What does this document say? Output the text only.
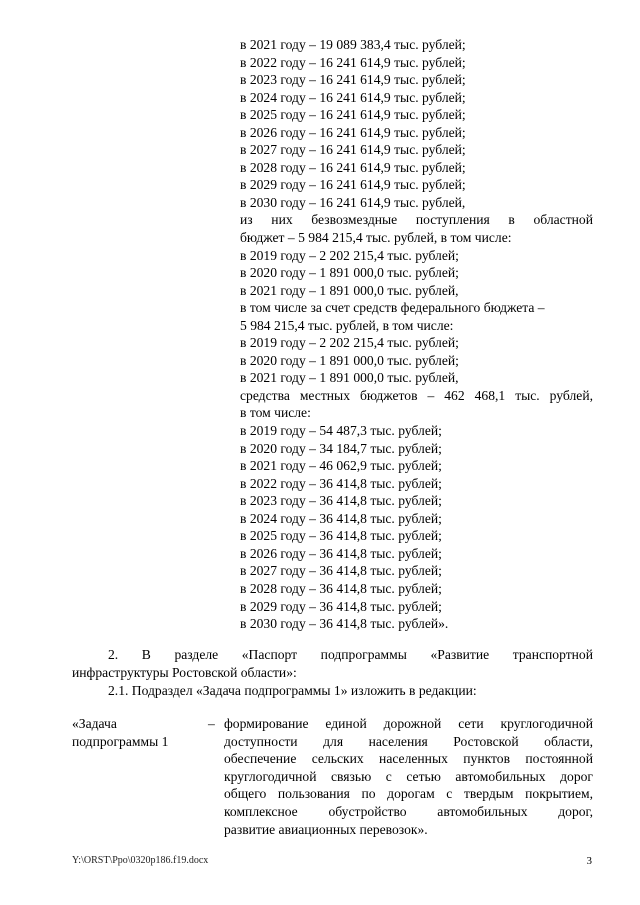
в 2021 году – 19 089 383,4 тыс. рублей;
в 2022 году – 16 241 614,9 тыс. рублей;
в 2023 году – 16 241 614,9 тыс. рублей;
в 2024 году – 16 241 614,9 тыс. рублей;
в 2025 году – 16 241 614,9 тыс. рублей;
в 2026 году – 16 241 614,9 тыс. рублей;
в 2027 году – 16 241 614,9 тыс. рублей;
в 2028 году – 16 241 614,9 тыс. рублей;
в 2029 году – 16 241 614,9 тыс. рублей;
в 2030 году – 16 241 614,9 тыс. рублей,
из них безвозмездные поступления в областной
бюджет – 5 984 215,4 тыс. рублей, в том числе:
в 2019 году – 2 202 215,4 тыс. рублей;
в 2020 году – 1 891 000,0 тыс. рублей;
в 2021 году – 1 891 000,0 тыс. рублей,
в том числе за счет средств федерального бюджета –
5 984 215,4 тыс. рублей, в том числе:
в 2019 году – 2 202 215,4 тыс. рублей;
в 2020 году – 1 891 000,0 тыс. рублей;
в 2021 году – 1 891 000,0 тыс. рублей,
средства местных бюджетов – 462 468,1 тыс. рублей,
в том числе:
в 2019 году – 54 487,3 тыс. рублей;
в 2020 году – 34 184,7 тыс. рублей;
в 2021 году – 46 062,9 тыс. рублей;
в 2022 году – 36 414,8 тыс. рублей;
в 2023 году – 36 414,8 тыс. рублей;
в 2024 году – 36 414,8 тыс. рублей;
в 2025 году – 36 414,8 тыс. рублей;
в 2026 году – 36 414,8 тыс. рублей;
в 2027 году – 36 414,8 тыс. рублей;
в 2028 году – 36 414,8 тыс. рублей;
в 2029 году – 36 414,8 тыс. рублей;
в 2030 году – 36 414,8 тыс. рублей».
2. В разделе «Паспорт подпрограммы «Развитие транспортной
инфраструктуры Ростовской области»:
2.1. Подраздел «Задача подпрограммы 1» изложить в редакции:
«Задача
подпрограммы 1
– формирование единой дорожной сети круглогодичной
доступности для населения Ростовской области,
обеспечение сельских населенных пунктов постоянной
круглогодичной связью с сетью автомобильных дорог
общего пользования по дорогам с твердым покрытием,
комплексное обустройство автомобильных дорог,
развитие авиационных перевозок».
Y:\ORST\Ppo\0320p186.f19.docx	3
